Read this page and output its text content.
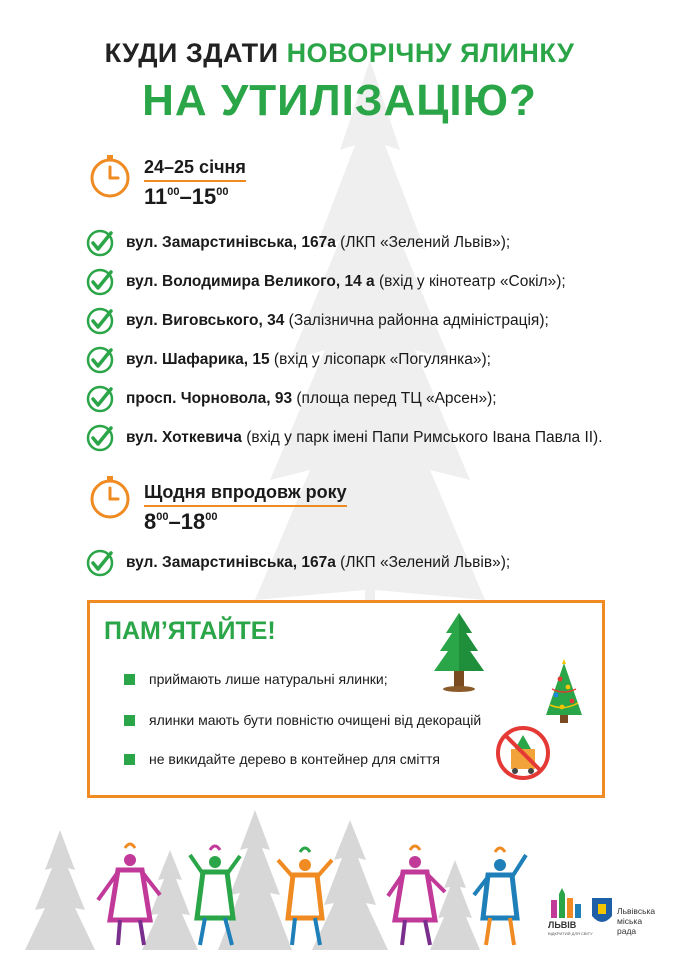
КУДИ ЗДАТИ НОВОРІЧНУ ЯЛИНКУ
НА УТИЛІЗАЦІЮ?
24–25 січня
$11^{00}-15^{00}$
вул. Замарстинівська, 167а (ЛКП «Зелений Львів»);
вул. Володимира Великого, 14 а (вхід у кінотеатр «Сокіл»);
вул. Виговського, 34 (Залізнична районна адміністрація);
вул. Шафарика, 15 (вхід у лісопарк «Погулянка»);
просп. Чорновола, 93 (площа перед ТЦ «Арсен»);
вул. Хоткевича (вхід у парк імені Папи Римського Івана Павла ІІ).
Щодня впродовж року
$8^{00}-18^{00}$
вул. Замарстинівська, 167а (ЛКП «Зелений Львів»);
ПАМ’ЯТАЙТЕ!
приймають лише натуральні ялинки;
ялинки мають бути повністю очищені від декорацій
не викидайте дерево в контейнер для сміття
ЛЬВІВ
ВІДКРИТИЙ ДЛЯ СВІТУ
Львівська
міська
рада
